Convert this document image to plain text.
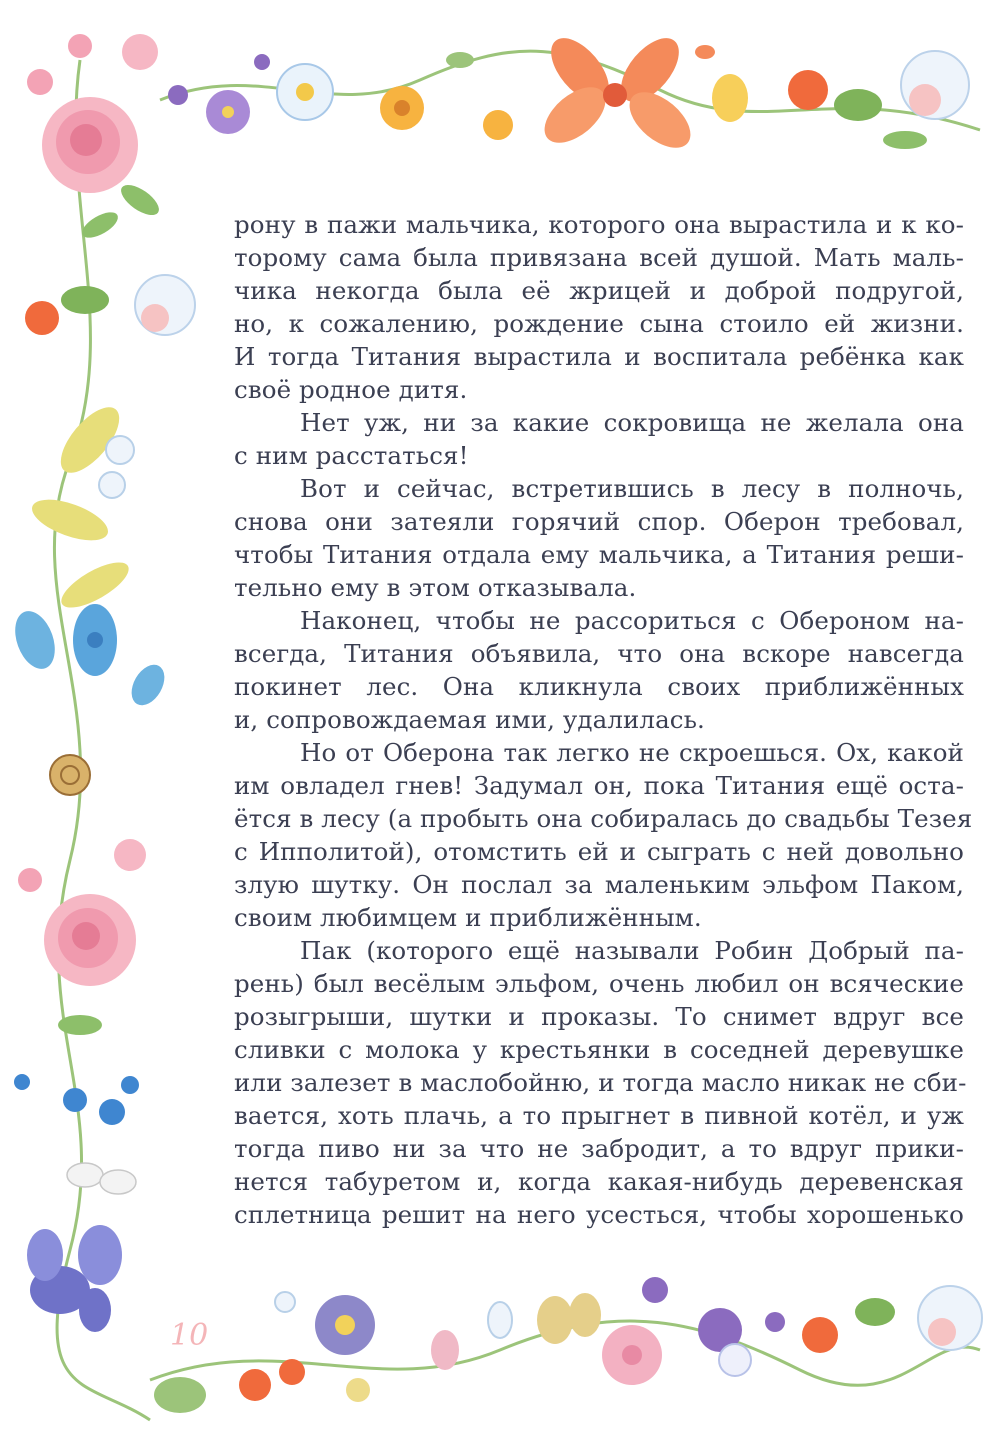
рону в пажи мальчика, которого она вырастила и к ко-
торому сама была привязана всей душой. Мать маль-
чика некогда была её жрицей и доброй подругой,
но, к сожалению, рождение сына стоило ей жизни.
И тогда Титания вырастила и воспитала ребёнка как
своё родное дитя.
Нет уж, ни за какие сокровища не желала она
с ним расстаться!
Вот и сейчас, встретившись в лесу в полночь,
снова они затеяли горячий спор. Оберон требовал,
чтобы Титания отдала ему мальчика, а Титания реши-
тельно ему в этом отказывала.
Наконец, чтобы не рассориться с Обероном на-
всегда, Титания объявила, что она вскоре навсегда
покинет лес. Она кликнула своих приближённых
и, сопровождаемая ими, удалилась.
Но от Оберона так легко не скроешься. Ох, какой
им овладел гнев! Задумал он, пока Титания ещё оста-
ётся в лесу (а пробыть она собиралась до свадьбы Тезея
с Ипполитой), отомстить ей и сыграть с ней довольно
злую шутку. Он послал за маленьким эльфом Паком,
своим любимцем и приближённым.
Пак (которого ещё называли Робин Добрый па-
рень) был весёлым эльфом, очень любил он всяческие
розыгрыши, шутки и проказы. То снимет вдруг все
сливки с молока у крестьянки в соседней деревушке
или залезет в маслобойню, и тогда масло никак не сби-
вается, хоть плачь, а то прыгнет в пивной котёл, и уж
тогда пиво ни за что не забродит, а то вдруг прики-
нется табуретом и, когда какая-нибудь деревенская
сплетница решит на него усесться, чтобы хорошенько
10
